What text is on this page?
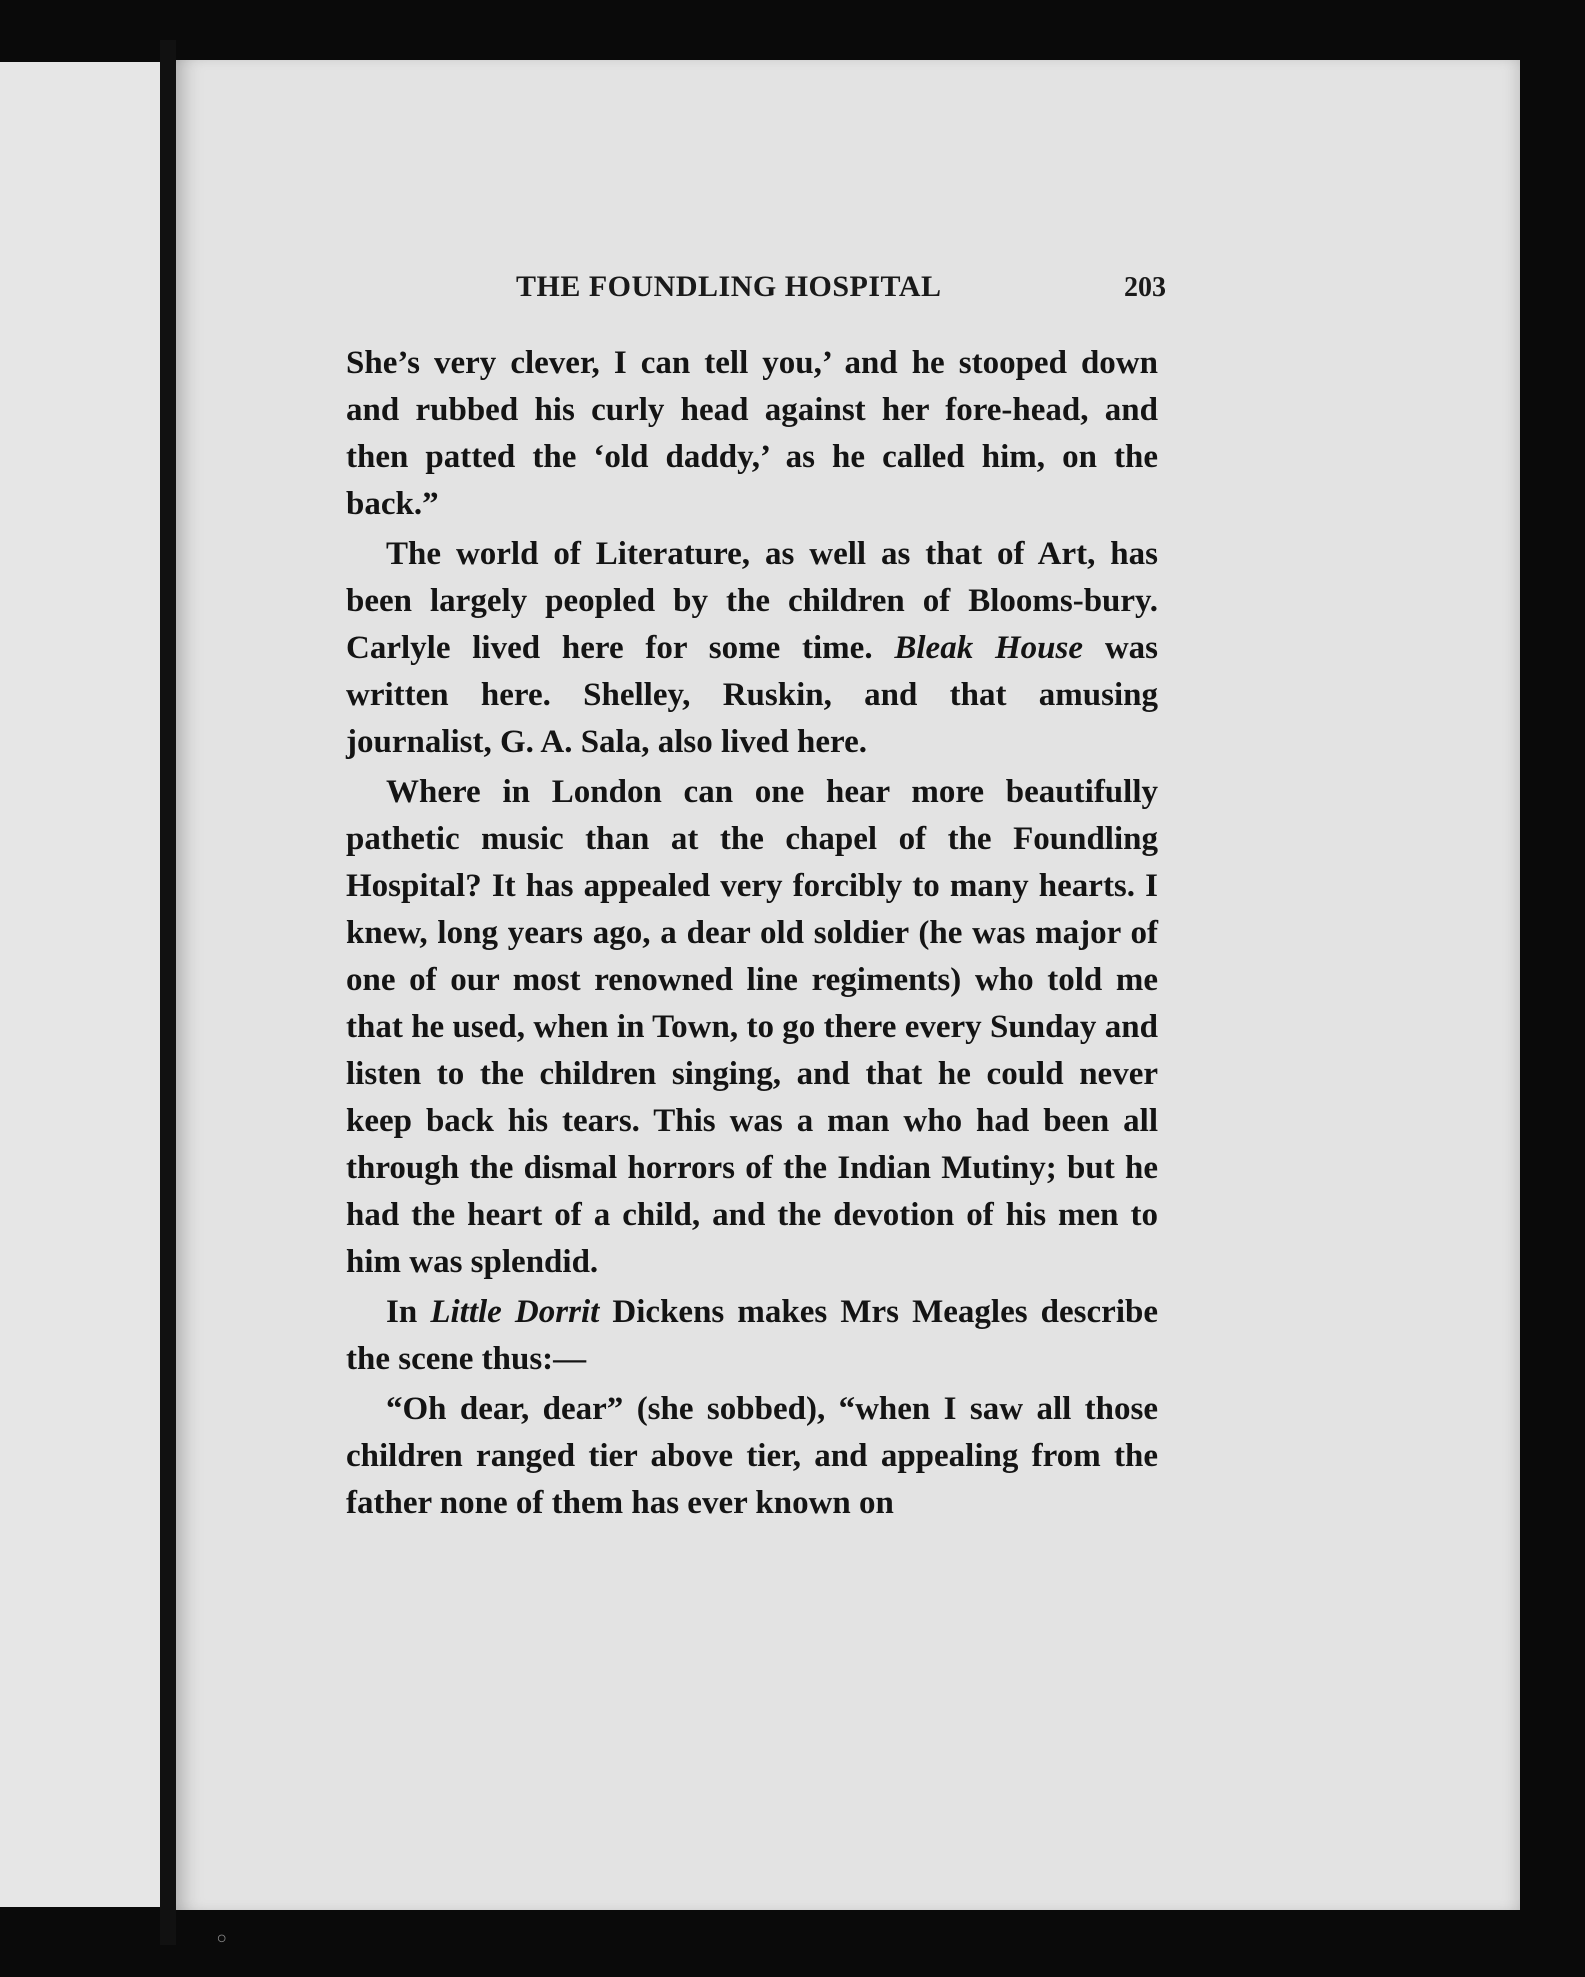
THE FOUNDLING HOSPITAL	203

She’s very clever, I can tell you,’ and he stooped down and rubbed his curly head against her fore-head, and then patted the ‘old daddy,’ as he called him, on the back.”

The world of Literature, as well as that of Art, has been largely peopled by the children of Blooms-bury. Carlyle lived here for some time. Bleak House was written here. Shelley, Ruskin, and that amusing journalist, G. A. Sala, also lived here.

Where in London can one hear more beautifully pathetic music than at the chapel of the Foundling Hospital? It has appealed very forcibly to many hearts. I knew, long years ago, a dear old soldier (he was major of one of our most renowned line regiments) who told me that he used, when in Town, to go there every Sunday and listen to the children singing, and that he could never keep back his tears. This was a man who had been all through the dismal horrors of the Indian Mutiny; but he had the heart of a child, and the devotion of his men to him was splendid.

In Little Dorrit Dickens makes Mrs Meagles describe the scene thus:—

“Oh dear, dear” (she sobbed), “when I saw all those children ranged tier above tier, and appealing from the father none of them has ever known on

◦
